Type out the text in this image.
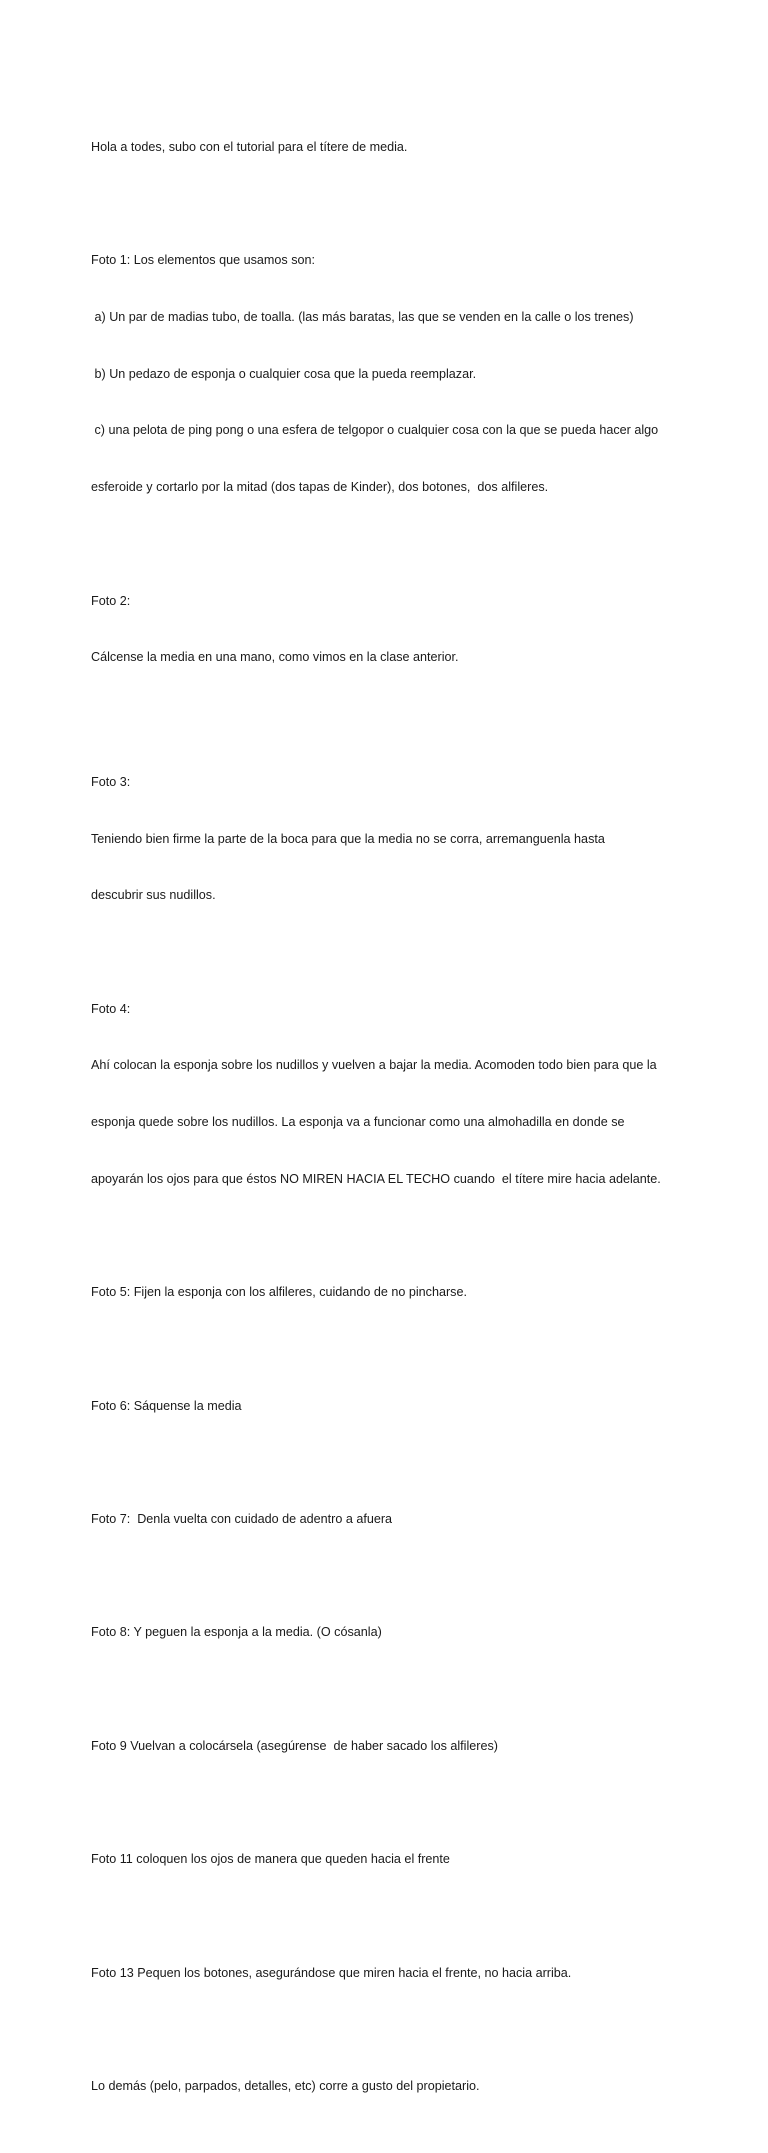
Hola a todes, subo con el tutorial para el títere de media.

Foto 1: Los elementos que usamos son:

a) Un par de madias tubo, de toalla. (las más baratas, las que se venden en la calle o los trenes)

b) Un pedazo de esponja o cualquier cosa que la pueda reemplazar.

c) una pelota de ping pong o una esfera de telgopor o cualquier cosa con la que se pueda hacer algo

esferoide y cortarlo por la mitad (dos tapas de Kinder), dos botones,  dos alfileres.

Foto 2:

Cálcense la media en una mano, como vimos en la clase anterior.

Foto 3:

Teniendo bien firme la parte de la boca para que la media no se corra, arremanguenla hasta

descubrir sus nudillos.

Foto 4:

Ahí colocan la esponja sobre los nudillos y vuelven a bajar la media. Acomoden todo bien para que la

esponja quede sobre los nudillos. La esponja va a funcionar como una almohadilla en donde se

apoyarán los ojos para que éstos NO MIREN HACIA EL TECHO cuando  el títere mire hacia adelante.

Foto 5: Fijen la esponja con los alfileres, cuidando de no pincharse.

Foto 6: Sáquense la media

Foto 7:  Denla vuelta con cuidado de adentro a afuera

Foto 8: Y peguen la esponja a la media. (O cósanla)

Foto 9 Vuelvan a colocársela (asegúrense  de haber sacado los alfileres)

Foto 11 coloquen los ojos de manera que queden hacia el frente

Foto 13 Pequen los botones, asegurándose que miren hacia el frente, no hacia arriba.

Lo demás (pelo, parpados, detalles, etc) corre a gusto del propietario.
